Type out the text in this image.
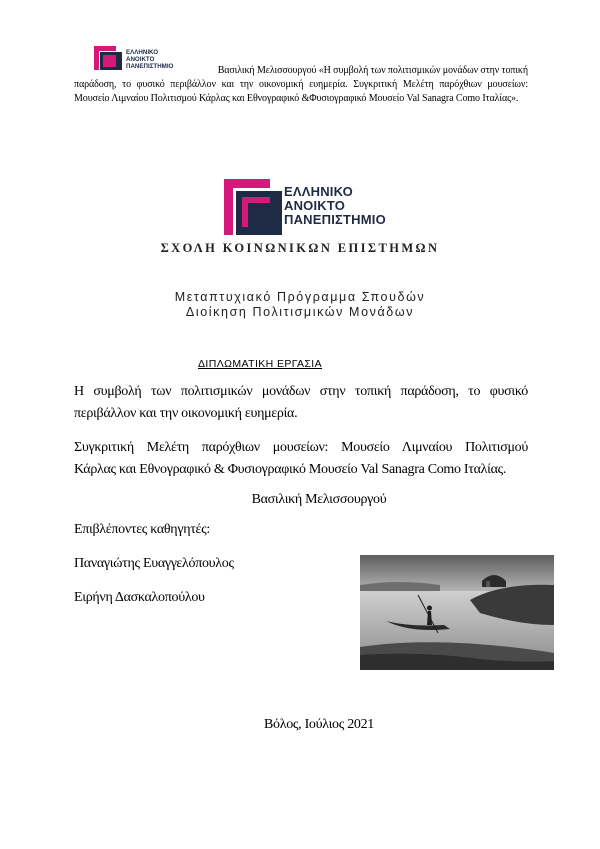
ΕΛΛΗΝΙΚΟ
ΑΝΟΙΚΤΟ
ΠΑΝΕΠΙΣΤΗΜΙΟ	Βασιλική Μελισσουργού «Η συμβολή των πολιτισμικών μονάδων στην τοπική
παράδοση, το φυσικό περιβάλλον και την οικονομική ευημερία. Συγκριτική Μελέτη παρόχθιων μουσείων:
Μουσείο Λιμναίου Πολιτισμού Κάρλας και Εθνογραφικό &Φυσιογραφικό Μουσείο Val Sanagra Como Ιταλίας».
ΕΛΛΗΝΙΚΟ
ΑΝΟΙΚΤΟ
ΠΑΝΕΠΙΣΤΗΜΙΟ
ΣΧΟΛΗ ΚΟΙΝΩΝΙΚΩΝ ΕΠΙΣΤΗΜΩΝ
Μεταπτυχιακό Πρόγραμμα Σπουδών
Διοίκηση Πολιτισμικών Μονάδων
ΔΙΠΛΩΜΑΤΙΚΗ ΕΡΓΑΣΙΑ
Η συμβολή των πολιτισμικών μονάδων στην τοπική παράδοση, το φυσικό
περιβάλλον και την οικονομική ευημερία.
Συγκριτική Μελέτη παρόχθιων μουσείων: Μουσείο Λιμναίου Πολιτισμού
Κάρλας και Εθνογραφικό & Φυσιογραφικό Μουσείο Val Sanagra Como Ιταλίας.
Βασιλική Μελισσουργού
Επιβλέποντες καθηγητές:
Παναγιώτης Ευαγγελόπουλος
Ειρήνη Δασκαλοπούλου
Βόλος, Ιούλιος 2021
